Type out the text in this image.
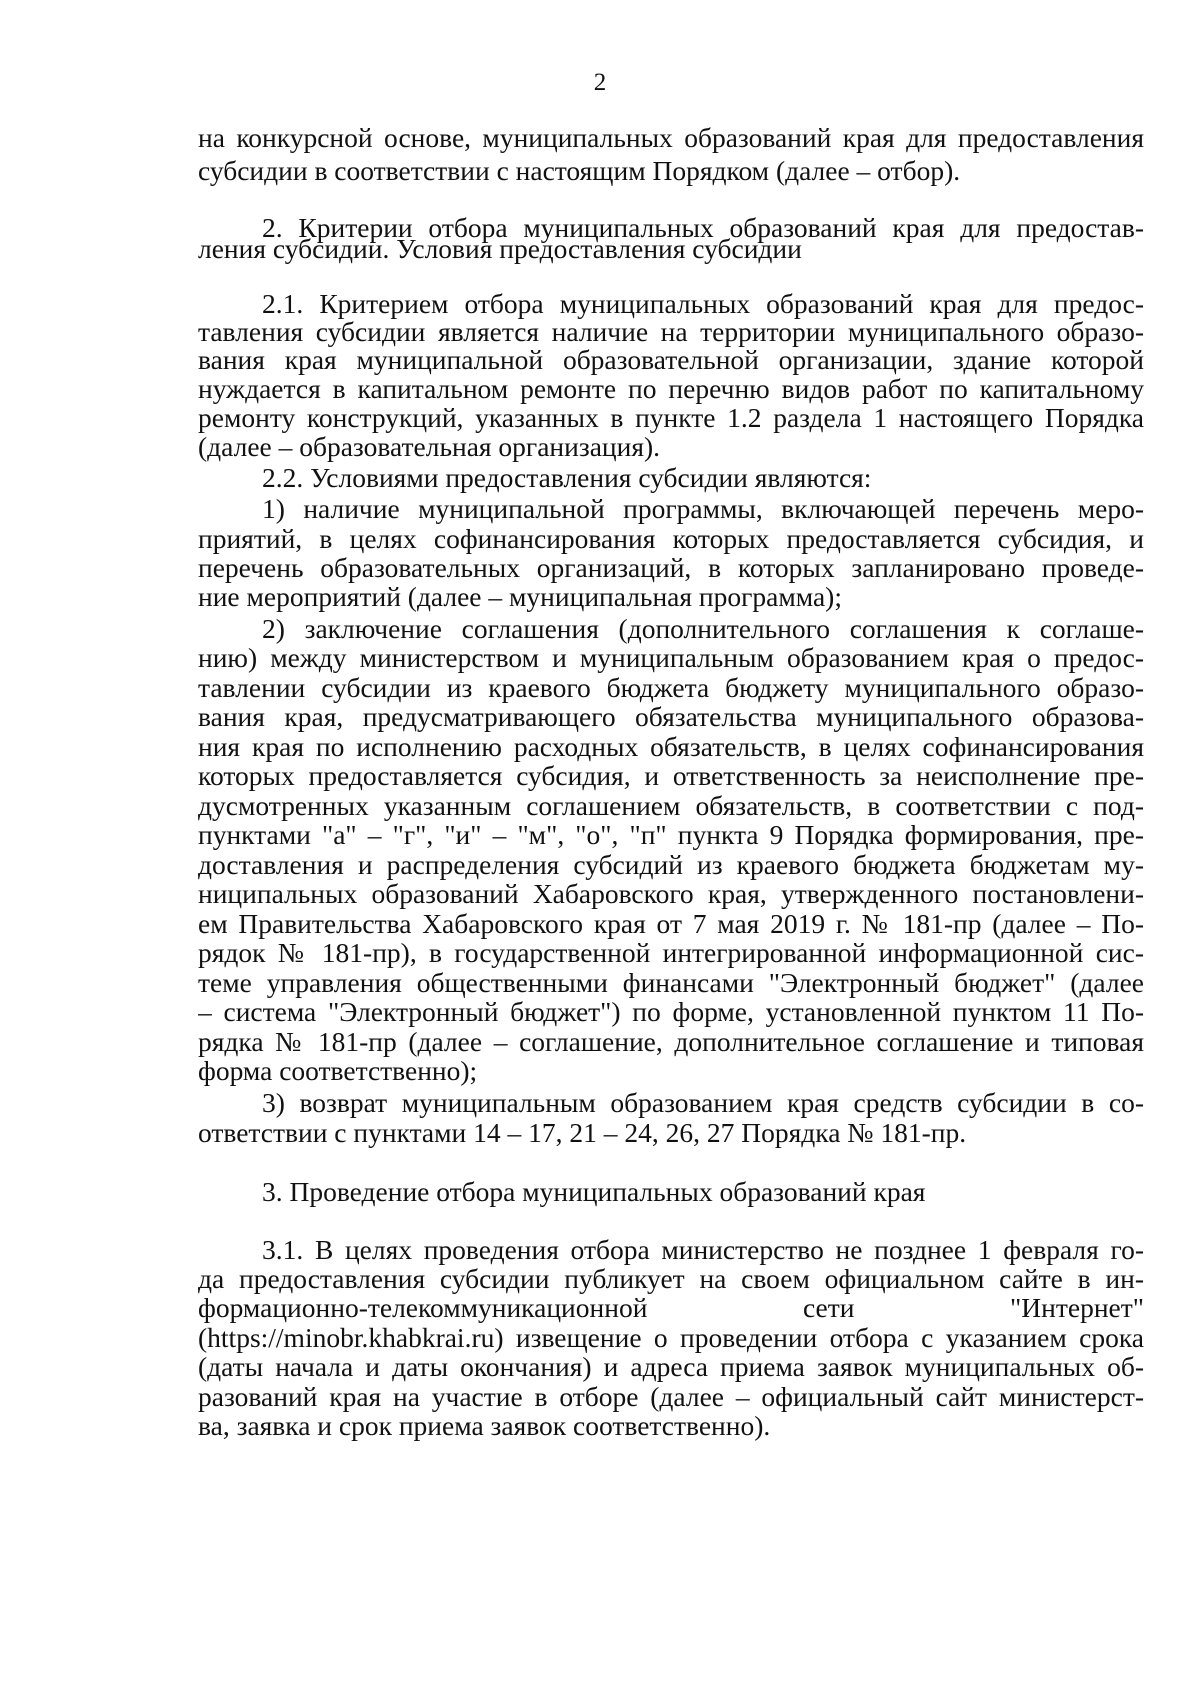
2
на конкурсной основе, муниципальных образований края для предоставления
субсидии в соответствии с настоящим Порядком (далее – отбор).
2. Критерии отбора муниципальных образований края для предостав-
ления субсидии. Условия предоставления субсидии
2.1. Критерием отбора муниципальных образований края для предос-
тавления субсидии является наличие на территории муниципального образо-
вания края муниципальной образовательной организации, здание которой
нуждается в капитальном ремонте по перечню видов работ по капитальному
ремонту конструкций, указанных в пункте 1.2 раздела 1 настоящего Порядка
(далее – образовательная организация).
2.2. Условиями предоставления субсидии являются:
1) наличие муниципальной программы, включающей перечень меро-
приятий, в целях софинансирования которых предоставляется субсидия, и
перечень образовательных организаций, в которых запланировано проведе-
ние мероприятий (далее – муниципальная программа);
2) заключение соглашения (дополнительного соглашения к соглаше-
нию) между министерством и муниципальным образованием края о предос-
тавлении субсидии из краевого бюджета бюджету муниципального образо-
вания края, предусматривающего обязательства муниципального образова-
ния края по исполнению расходных обязательств, в целях софинансирования
которых предоставляется субсидия, и ответственность за неисполнение пре-
дусмотренных указанным соглашением обязательств, в соответствии с под-
пунктами "а" – "г", "и" – "м", "о", "п" пункта 9 Порядка формирования, пре-
доставления и распределения субсидий из краевого бюджета бюджетам му-
ниципальных образований Хабаровского края, утвержденного постановлени-
ем Правительства Хабаровского края от 7 мая 2019 г. № 181-пр (далее – По-
рядок № 181-пр), в государственной интегрированной информационной сис-
теме управления общественными финансами "Электронный бюджет" (далее
– система "Электронный бюджет") по форме, установленной пунктом 11 По-
рядка № 181-пр (далее – соглашение, дополнительное соглашение и типовая
форма соответственно);
3) возврат муниципальным образованием края средств субсидии в со-
ответствии с пунктами 14 – 17, 21 – 24, 26, 27 Порядка № 181-пр.
3. Проведение отбора муниципальных образований края
3.1. В целях проведения отбора министерство не позднее 1 февраля го-
да предоставления субсидии публикует на своем официальном сайте в ин-
формационно-телекоммуникационной сети "Интернет"
(https://minobr.khabkrai.ru) извещение о проведении отбора с указанием срока
(даты начала и даты окончания) и адреса приема заявок муниципальных об-
разований края на участие в отборе (далее – официальный сайт министерст-
ва, заявка и срок приема заявок соответственно).
